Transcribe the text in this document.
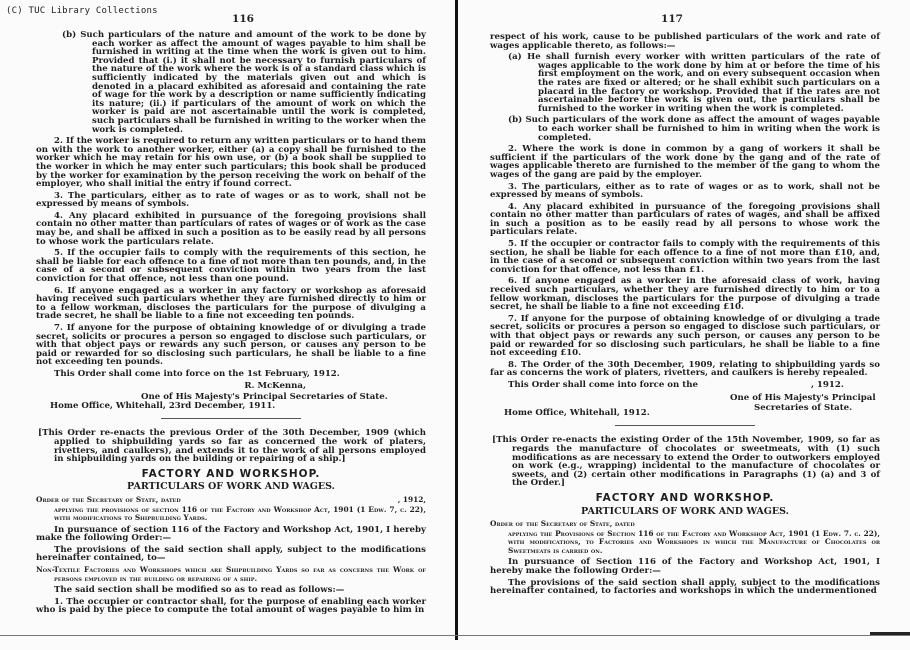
(C) TUC Library Collections
116

(b) Such particulars of the nature and amount of the work to be done by each worker as affect the amount of wages payable to him shall be furnished in writing at the time when the work is given out to him. Provided that (i.) it shall not be necessary to furnish particulars of the nature of the work where the work is of a standard class which is sufficiently indicated by the materials given out and which is denoted in a placard exhibited as aforesaid and containing the rate of wage for the work by a description or name sufficiently indicating its nature; (ii.) if particulars of the amount of work on which the worker is paid are not ascertainable until the work is completed, such particulars shall be furnished in writing to the worker when the work is completed.

2. If the worker is required to return any written particulars or to hand them on with the work to another worker, either (a) a copy shall be furnished to the worker which he may retain for his own use, or (b) a book shall be supplied to the worker in which he may enter such particulars; this book shall be produced by the worker for examination by the person receiving the work on behalf of the employer, who shall initial the entry if found correct.

3. The particulars, either as to rate of wages or as to work, shall not be expressed by means of symbols.

4. Any placard exhibited in pursuance of the foregoing provisions shall contain no other matter than particulars of rates of wages or of work as the case may be, and shall be affixed in such a position as to be easily read by all persons to whose work the particulars relate.

5. If the occupier fails to comply with the requirements of this section, he shall be liable for each offence to a fine of not more than ten pounds, and, in the case of a second or subsequent conviction within two years from the last conviction for that offence, not less than one pound.

6. If anyone engaged as a worker in any factory or workshop as aforesaid having received such particulars whether they are furnished directly to him or to a fellow workman, discloses the particulars for the purpose of divulging a trade secret, he shall be liable to a fine not exceeding ten pounds.

7. If anyone for the purpose of obtaining knowledge of or divulging a trade secret, solicits or procures a person so engaged to disclose such particulars, or with that object pays or rewards any such person, or causes any person to be paid or rewarded for so disclosing such particulars, he shall be liable to a fine not exceeding ten pounds.

This Order shall come into force on the 1st February, 1912.

R. McKenna,

One of His Majesty's Principal Secretaries of State.

Home Office, Whitehall, 23rd December, 1911.

[This Order re-enacts the previous Order of the 30th December, 1909 (which applied to shipbuilding yards so far as concerned the work of platers, rivetters, and caulkers), and extends it to the work of all persons employed in shipbuilding yards on the building or repairing of a ship.]

FACTORY AND WORKSHOP.
PARTICULARS OF WORK AND WAGES.

Order of the Secretary of State, dated	, 1912,

applying the provisions of section 116 of the Factory and Workshop Act, 1901 (1 Edw. 7, c. 22), with modifications to Shipbuilding Yards.

In pursuance of section 116 of the Factory and Workshop Act, 1901, I hereby make the following Order:—

The provisions of the said section shall apply, subject to the modifications hereinafter contained, to—

Non-Textile Factories and Workshops which are Shipbuilding Yards so far as concerns the Work of persons employed in the building or repairing of a ship.

The said section shall be modified so as to read as follows:—

1. The occupier or contractor shall, for the purpose of enabling each worker who is paid by the piece to compute the total amount of wages payable to him in

117

respect of his work, cause to be published particulars of the work and rate of wages applicable thereto, as follows:—

(a) He shall furnish every worker with written particulars of the rate of wages applicable to the work done by him at or before the time of his first employment on the work, and on every subsequent occasion when the rates are fixed or altered; or he shall exhibit such particulars on a placard in the factory or workshop. Provided that if the rates are not ascertainable before the work is given out, the particulars shall be furnished to the worker in writing when the work is completed.

(b) Such particulars of the work done as affect the amount of wages payable to each worker shall be furnished to him in writing when the work is completed.

2. Where the work is done in common by a gang of workers it shall be sufficient if the particulars of the work done by the gang and of the rate of wages applicable thereto are furnished to the member of the gang to whom the wages of the gang are paid by the employer.

3. The particulars, either as to rate of wages or as to work, shall not be expressed by means of symbols.

4. Any placard exhibited in pursuance of the foregoing provisions shall contain no other matter than particulars of rates of wages, and shall be affixed in such a position as to be easily read by all persons to whose work the particulars relate.

5. If the occupier or contractor fails to comply with the requirements of this section, he shall be liable for each offence to a fine of not more than £10, and, in the case of a second or subsequent conviction within two years from the last conviction for that offence, not less than £1.

6. If anyone engaged as a worker in the aforesaid class of work, having received such particulars, whether they are furnished directly to him or to a fellow workman, discloses the particulars for the purpose of divulging a trade secret, he shall be liable to a fine not exceeding £10.

7. If anyone for the purpose of obtaining knowledge of or divulging a trade secret, solicits or procures a person so engaged to disclose such particulars, or with that object pays or rewards any such person, or causes any person to be paid or rewarded for so disclosing such particulars, he shall be liable to a fine not exceeding £10.

8. The Order of the 30th December, 1909, relating to shipbuilding yards so far as concerns the work of platers, rivetters, and caulkers is hereby repealed.

This Order shall come into force on the	, 1912.

One of His Majesty's Principal

Secretaries of State.

Home Office, Whitehall, 1912.

[This Order re-enacts the existing Order of the 15th November, 1909, so far as regards the manufacture of chocolates or sweetmeats, with (1) such modifications as are necessary to extend the Order to outworkers employed on work (e.g., wrapping) incidental to the manufacture of chocolates or sweets, and (2) certain other modifications in Paragraphs (1) (a) and 3 of the Order.]

FACTORY AND WORKSHOP.
PARTICULARS OF WORK AND WAGES.

Order of the Secretary of State, dated

applying the Provisions of Section 116 of the Factory and Workshop Act, 1901 (1 Edw. 7. c. 22), with modifications, to Factories and Workshops in which the Manufacture of Chocolates or Sweetmeats is carried on.

In pursuance of Section 116 of the Factory and Workshop Act, 1901, I hereby make the following Order:—

The provisions of the said section shall apply, subject to the modifications hereinafter contained, to factories and workshops in which the undermentioned
